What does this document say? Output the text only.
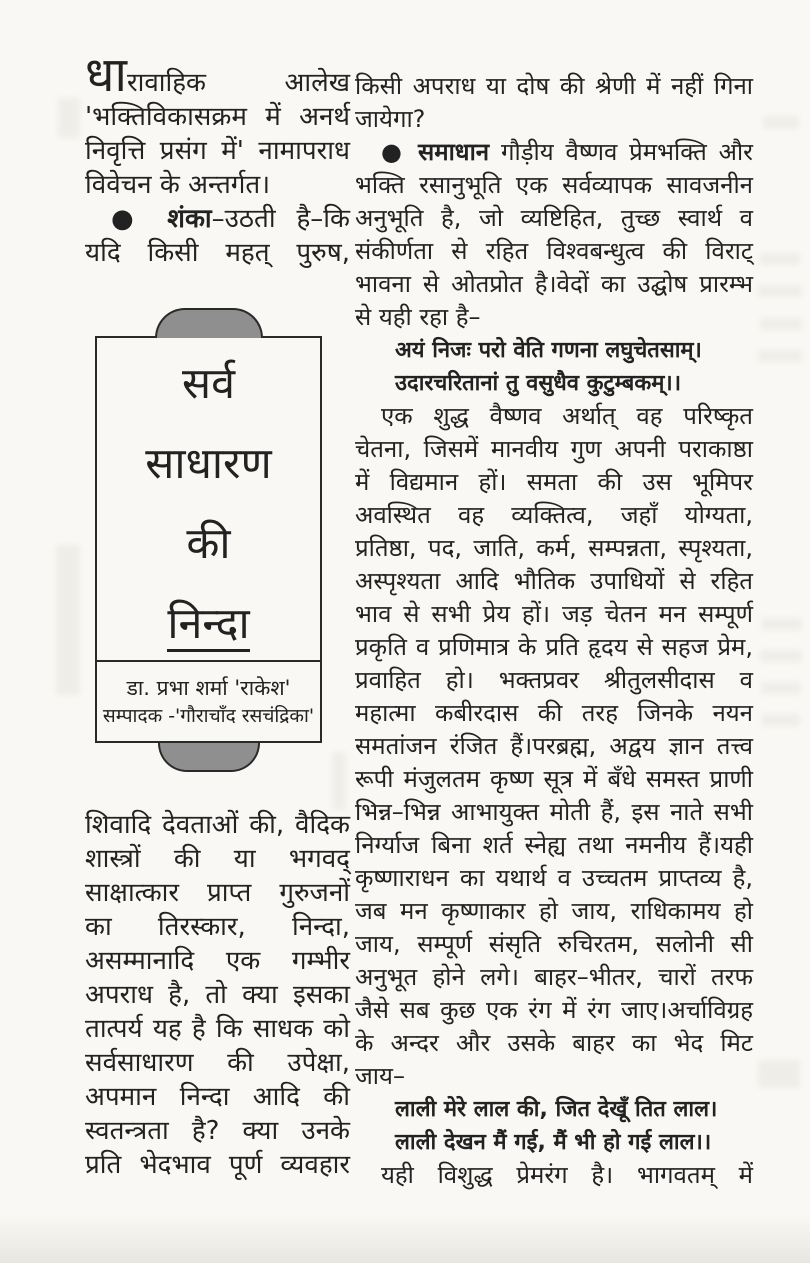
धारावाहिक आलेख
'भक्तिविकासक्रम में अनर्थ
निवृत्ति प्रसंग में' नामापराध
विवेचन के अन्तर्गत।
● शंका–उठती है–कि
यदि किसी महत् पुरुष,
सर्व
साधारण
की
निन्दा
डा. प्रभा शर्मा 'राकेश'
सम्पादक -'गौराचाँद रसचंद्रिका'
शिवादि देवताओं की, वैदिक
शास्त्रों की या भगवद्
साक्षात्कार प्राप्त गुरुजनों
का तिरस्कार, निन्दा,
असम्मानादि एक गम्भीर
अपराध है, तो क्या इसका
तात्पर्य यह है कि साधक को
सर्वसाधारण की उपेक्षा,
अपमान निन्दा आदि की
स्वतन्त्रता है? क्या उनके
प्रति भेदभाव पूर्ण व्यवहार
किसी अपराध या दोष की श्रेणी में नहीं गिना
जायेगा?
● समाधान गौड़ीय वैष्णव प्रेमभक्ति और
भक्ति रसानुभूति एक सर्वव्यापक सावजनीन
अनुभूति है, जो व्यष्टिहित, तुच्छ स्वार्थ व
संकीर्णता से रहित विश्वबन्धुत्व की विराट्
भावना से ओतप्रोत है।वेदों का उद्घोष प्रारम्भ
से यही रहा है–
अयं निजः परो वेति गणना लघुचेतसाम्।
उदारचरितानां तु वसुधैव कुटुम्बकम्।।
एक शुद्ध वैष्णव अर्थात् वह परिष्कृत
चेतना, जिसमें मानवीय गुण अपनी पराकाष्ठा
में विद्यमान हों। समता की उस भूमिपर
अवस्थित वह व्यक्तित्व, जहाँ योग्यता,
प्रतिष्ठा, पद, जाति, कर्म, सम्पन्नता, स्पृश्यता,
अस्पृश्यता आदि भौतिक उपाधियों से रहित
भाव से सभी प्रेय हों। जड़ चेतन मन सम्पूर्ण
प्रकृति व प्रणिमात्र के प्रति हृदय से सहज प्रेम,
प्रवाहित हो। भक्तप्रवर श्रीतुलसीदास व
महात्मा कबीरदास की तरह जिनके नयन
समतांजन रंजित हैं।परब्रह्म, अद्वय ज्ञान तत्त्व
रूपी मंजुलतम कृष्ण सूत्र में बँधे समस्त प्राणी
भिन्न–भिन्न आभायुक्त मोती हैं, इस नाते सभी
निर्ग्याज बिना शर्त स्नेह्य तथा नमनीय हैं।यही
कृष्णाराधन का यथार्थ व उच्चतम प्राप्तव्य है,
जब मन कृष्णाकार हो जाय, राधिकामय हो
जाय, सम्पूर्ण संसृति रुचिरतम, सलोनी सी
अनुभूत होने लगे। बाहर–भीतर, चारों तरफ
जैसे सब कुछ एक रंग में रंग जाए।अर्चाविग्रह
के अन्दर और उसके बाहर का भेद मिट
जाय–
लाली मेरे लाल की, जित देखूँ तित लाल।
लाली देखन मैं गई, मैं भी हो गई लाल।।
यही विशुद्ध प्रेमरंग है। भागवतम् में
